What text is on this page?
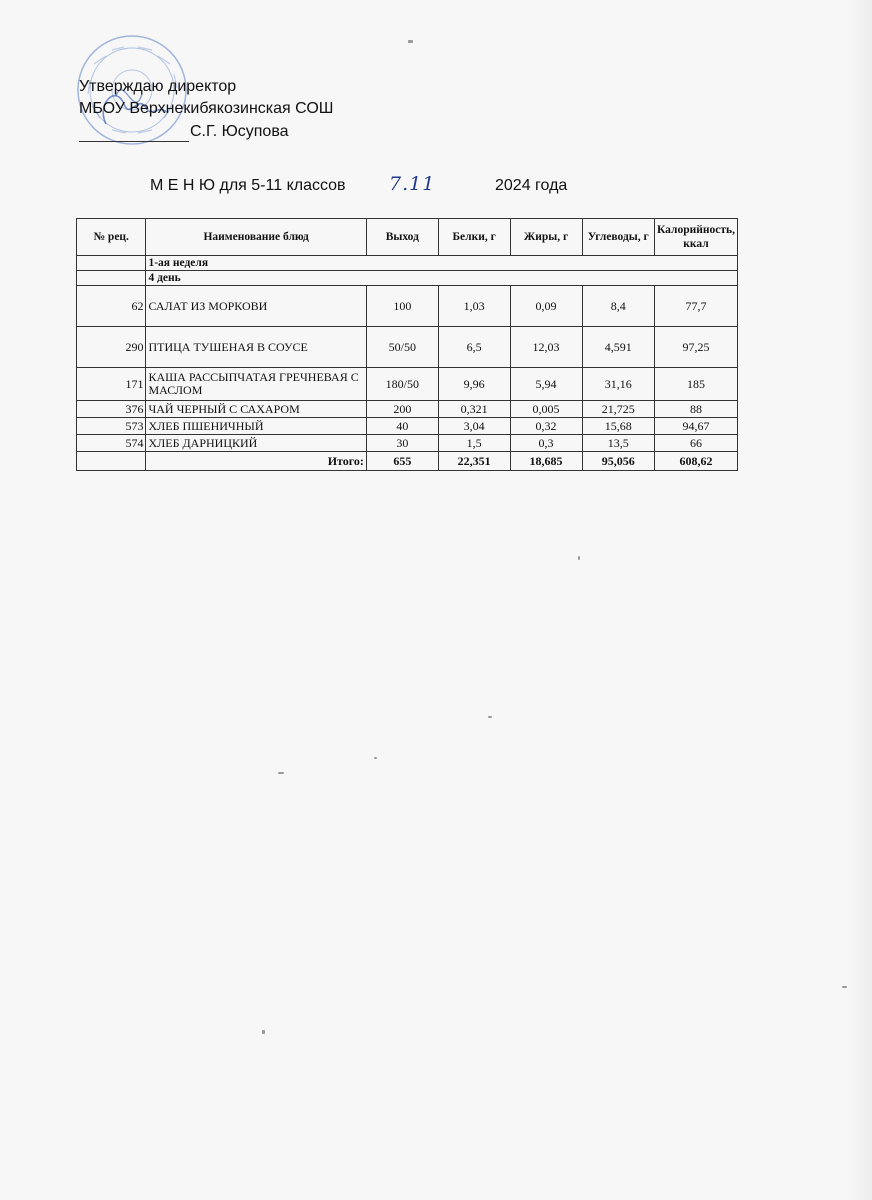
Утверждаю директор
МБОУ Верхнекибякозинская СОШ
С.Г. Юсупова
М Е Н Ю для 5-11 классов 7.11	2024 года
№ рец.	Наименование блюд	Выход	Белки, г	Жиры, г	Углеводы, г	Калорийность, ккал
	1-ая неделя					
	4 день					
62	САЛАТ ИЗ МОРКОВИ	100	1,03	0,09	8,4	77,7
290	ПТИЦА ТУШЕНАЯ В СОУСЕ	50/50	6,5	12,03	4,591	97,25
171	КАША РАССЫПЧАТАЯ ГРЕЧНЕВАЯ С МАСЛОМ	180/50	9,96	5,94	31,16	185
376	ЧАЙ ЧЕРНЫЙ С САХАРОМ	200	0,321	0,005	21,725	88
573	ХЛЕБ ПШЕНИЧНЫЙ	40	3,04	0,32	15,68	94,67
574	ХЛЕБ ДАРНИЦКИЙ	30	1,5	0,3	13,5	66
	Итого:	655	22,351	18,685	95,056	608,62
